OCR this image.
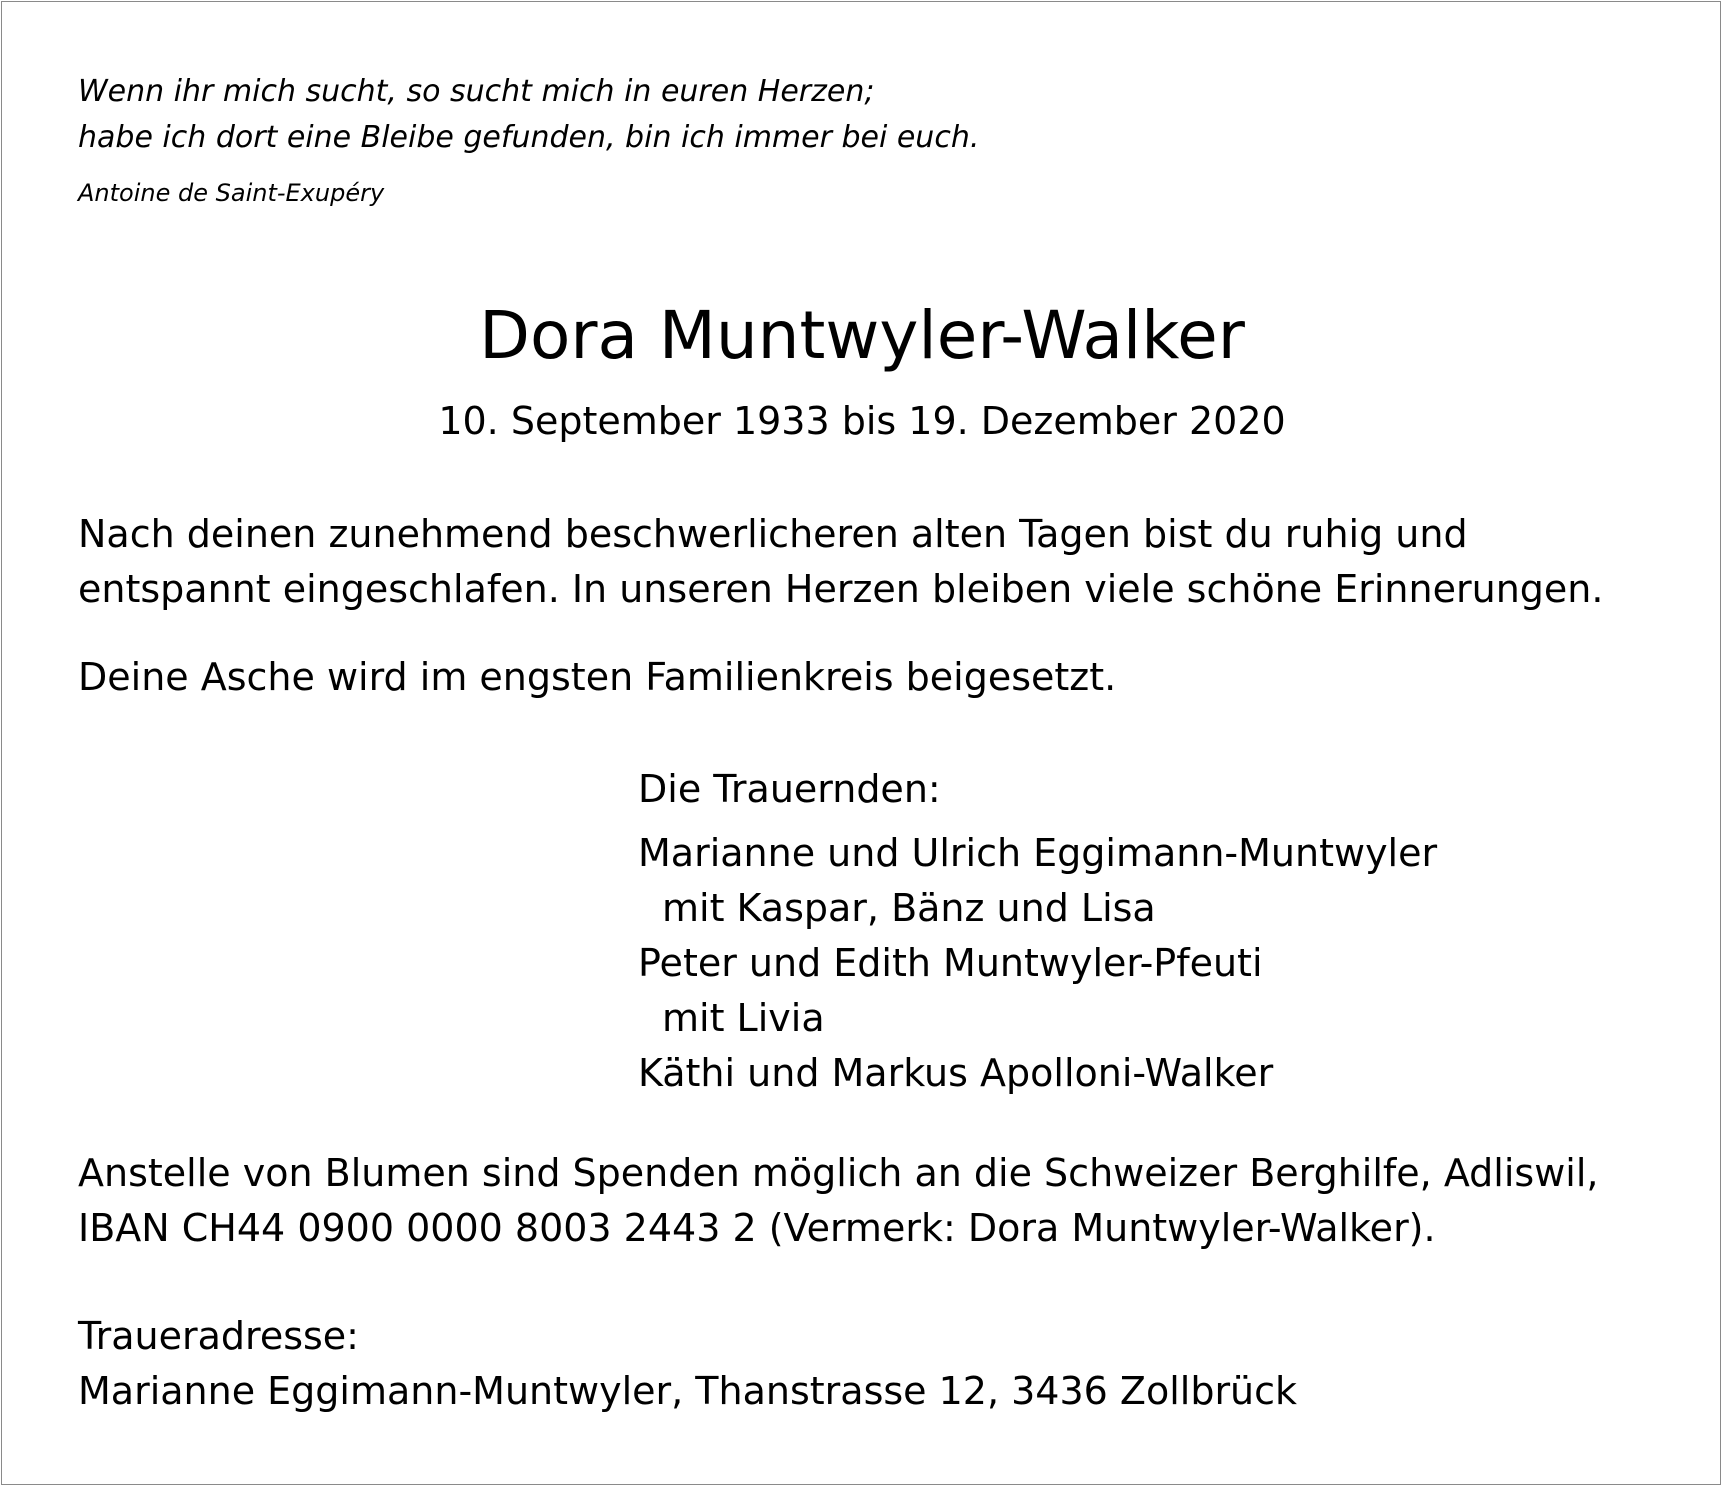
Wenn ihr mich sucht, so sucht mich in euren Herzen;

habe ich dort eine Bleibe gefunden, bin ich immer bei euch.

Antoine de Saint-Exupéry

Dora Muntwyler-Walker

10. September 1933 bis 19. Dezember 2020

Nach deinen zunehmend beschwerlicheren alten Tagen bist du ruhig und

entspannt eingeschlafen. In unseren Herzen bleiben viele schöne Erinnerungen.

Deine Asche wird im engsten Familienkreis beigesetzt.

Die Trauernden:

Marianne und Ulrich Eggimann-Muntwyler

mit Kaspar, Bänz und Lisa

Peter und Edith Muntwyler-Pfeuti

mit Livia

Käthi und Markus Apolloni-Walker

Anstelle von Blumen sind Spenden möglich an die Schweizer Berghilfe, Adliswil,

IBAN CH44 0900 0000 8003 2443 2 (Vermerk: Dora Muntwyler-Walker).

Traueradresse:

Marianne Eggimann-Muntwyler, Thanstrasse 12, 3436 Zollbrück
